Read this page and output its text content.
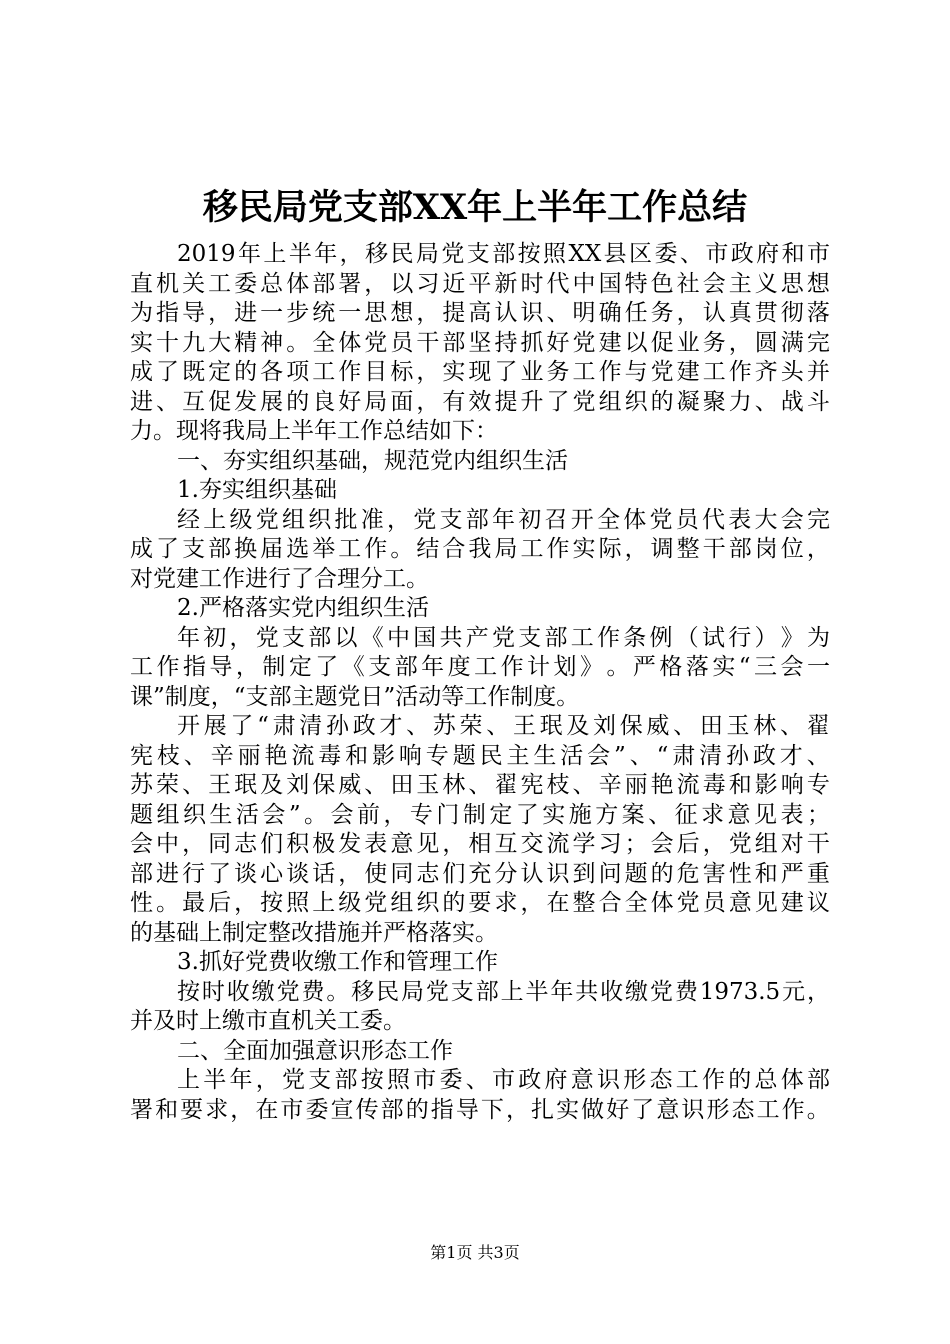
移民局党支部XX年上半年工作总结
2019 年 上 半 年 ， 移 民 局 党 支 部 按 照 XX 县 区 委 、 市 政 府 和 市
直 机 关 工 委 总 体 部 署 ， 以 习 近 平 新 时 代 中 国 特 色 社 会 主 义 思 想
为 指 导 ， 进 一 步 统 一 思 想 ， 提 高 认 识 、 明 确 任 务 ， 认 真 贯 彻 落
实 十 九 大 精 神 。 全 体 党 员 干 部 坚 持 抓 好 党 建 以 促 业 务 ， 圆 满 完
成 了 既 定 的 各 项 工 作 目 标 ， 实 现 了 业 务 工 作 与 党 建 工 作 齐 头 并
进 、 互 促 发 展 的 良 好 局 面 ， 有 效 提 升 了 党 组 织 的 凝 聚 力 、 战 斗
力。现将我局上半年工作总结如下：
一、夯实组织基础，规范党内组织生活
1.夯实组织基础
经 上 级 党 组 织 批 准 ， 党 支 部 年 初 召 开 全 体 党 员 代 表 大 会 完
成 了 支 部 换 届 选 举 工 作 。 结 合 我 局 工 作 实 际 ， 调 整 干 部 岗 位 ，
对党建工作进行了合理分工。
2.严格落实党内组织生活
年 初 ， 党 支 部 以 《 中 国 共 产 党 支 部 工 作 条 例 （ 试 行 ） 》 为
工 作 指 导 ， 制 定 了 《 支 部 年 度 工 作 计 划 》 。 严 格 落 实 “ 三 会 一
课”制度，“支部主题党日”活动等工作制度。
开 展 了 “ 肃 清 孙 政 才 、 苏 荣 、 王 珉 及 刘 保 威 、 田 玉 林 、 翟
宪 枝 、 辛 丽 艳 流 毒 和 影 响 专 题 民 主 生 活 会 ” 、 “ 肃 清 孙 政 才 、
苏 荣 、 王 珉 及 刘 保 威 、 田 玉 林 、 翟 宪 枝 、 辛 丽 艳 流 毒 和 影 响 专
题 组 织 生 活 会 ” 。 会 前 ， 专 门 制 定 了 实 施 方 案 、 征 求 意 见 表 ；
会 中 ， 同 志 们 积 极 发 表 意 见 ， 相 互 交 流 学 习 ； 会 后 ， 党 组 对 干
部 进 行 了 谈 心 谈 话 ， 使 同 志 们 充 分 认 识 到 问 题 的 危 害 性 和 严 重
性 。 最 后 ， 按 照 上 级 党 组 织 的 要 求 ， 在 整 合 全 体 党 员 意 见 建 议
的基础上制定整改措施并严格落实。
3.抓好党费收缴工作和管理工作
按 时 收 缴 党 费 。 移 民 局 党 支 部 上 半 年 共 收 缴 党 费 1973.5 元 ，
并及时上缴市直机关工委。
二、全面加强意识形态工作
上 半 年 ， 党 支 部 按 照 市 委 、 市 政 府 意 识 形 态 工 作 的 总 体 部
署 和 要 求 ， 在 市 委 宣 传 部 的 指 导 下 ， 扎 实 做 好 了 意 识 形 态 工 作 。
第1页 共3页
